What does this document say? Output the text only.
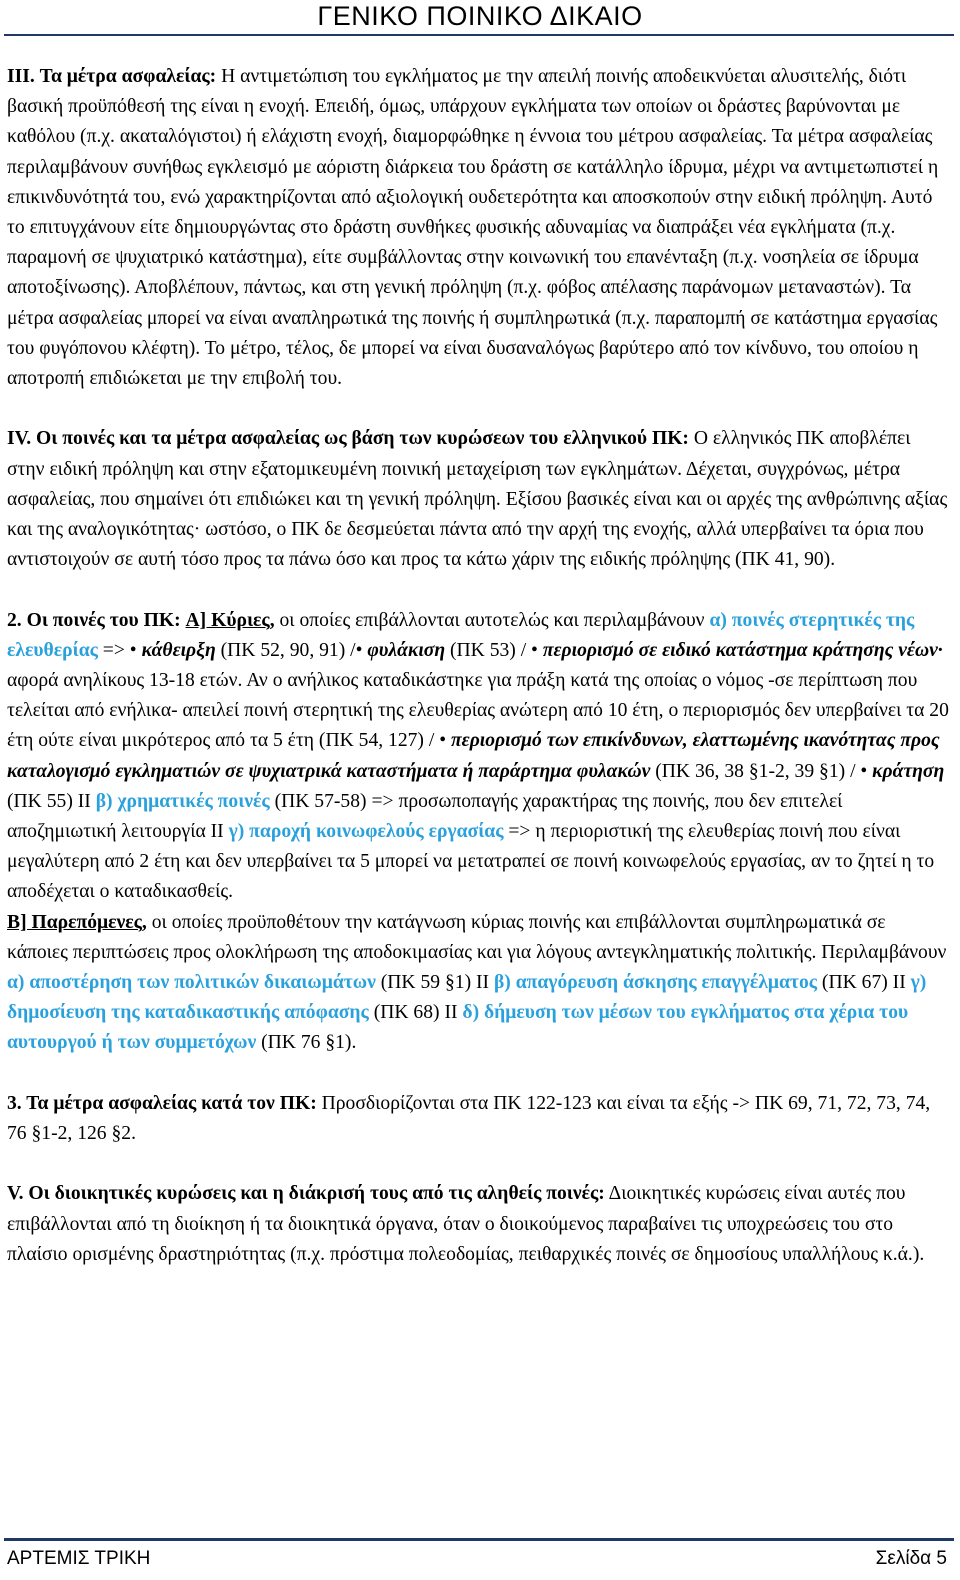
ΓΕΝΙΚΟ ΠΟΙΝΙΚΟ ΔΙΚΑΙΟ

III. Τα μέτρα ασφαλείας: Η αντιμετώπιση του εγκλήματος με την απειλή ποινής αποδεικνύεται αλυσιτελής, διότι βασική προϋπόθεσή της είναι η ενοχή. Επειδή, όμως, υπάρχουν εγκλήματα των οποίων οι δράστες βαρύνονται με καθόλου (π.χ. ακαταλόγιστοι) ή ελάχιστη ενοχή, διαμορφώθηκε η έννοια του μέτρου ασφαλείας. Τα μέτρα ασφαλείας περιλαμβάνουν συνήθως εγκλεισμό με αόριστη διάρκεια του δράστη σε κατάλληλο ίδρυμα, μέχρι να αντιμετωπιστεί η επικινδυνότητά του, ενώ χαρακτηρίζονται από αξιολογική ουδετερότητα και αποσκοπούν στην ειδική πρόληψη. Αυτό το επιτυγχάνουν είτε δημιουργώντας στο δράστη συνθήκες φυσικής αδυναμίας να διαπράξει νέα εγκλήματα (π.χ. παραμονή σε ψυχιατρικό κατάστημα), είτε συμβάλλοντας στην κοινωνική του επανένταξη (π.χ. νοσηλεία σε ίδρυμα αποτοξίνωσης). Αποβλέπουν, πάντως, και στη γενική πρόληψη (π.χ. φόβος απέλασης παράνομων μεταναστών). Τα μέτρα ασφαλείας μπορεί να είναι αναπληρωτικά της ποινής ή συμπληρωτικά (π.χ. παραπομπή σε κατάστημα εργασίας του φυγόπονου κλέφτη). Το μέτρο, τέλος, δε μπορεί να είναι δυσαναλόγως βαρύτερο από τον κίνδυνο, του οποίου η αποτροπή επιδιώκεται με την επιβολή του.

IV. Οι ποινές και τα μέτρα ασφαλείας ως βάση των κυρώσεων του ελληνικού ΠΚ: Ο ελληνικός ΠΚ αποβλέπει στην ειδική πρόληψη και στην εξατομικευμένη ποινική μεταχείριση των εγκλημάτων. Δέχεται, συγχρόνως, μέτρα ασφαλείας, που σημαίνει ότι επιδιώκει και τη γενική πρόληψη. Εξίσου βασικές είναι και οι αρχές της ανθρώπινης αξίας και της αναλογικότητας· ωστόσο, ο ΠΚ δε δεσμεύεται πάντα από την αρχή της ενοχής, αλλά υπερβαίνει τα όρια που αντιστοιχούν σε αυτή τόσο προς τα πάνω όσο και προς τα κάτω χάριν της ειδικής πρόληψης (ΠΚ 41, 90).

2. Οι ποινές του ΠΚ: Α] Κύριες, οι οποίες επιβάλλονται αυτοτελώς και περιλαμβάνουν α) ποινές στερητικές της ελευθερίας => • κάθειρξη (ΠΚ 52, 90, 91) /• φυλάκιση (ΠΚ 53) / • περιορισμό σε ειδικό κατάστημα κράτησης νέων· αφορά ανηλίκους 13-18 ετών. Αν ο ανήλικος καταδικάστηκε για πράξη κατά της οποίας ο νόμος -σε περίπτωση που τελείται από ενήλικα- απειλεί ποινή στερητική της ελευθερίας ανώτερη από 10 έτη, ο περιορισμός δεν υπερβαίνει τα 20 έτη ούτε είναι μικρότερος από τα 5 έτη (ΠΚ 54, 127) / • περιορισμό των επικίνδυνων, ελαττωμένης ικανότητας προς καταλογισμό εγκληματιών σε ψυχιατρικά καταστήματα ή παράρτημα φυλακών (ΠΚ 36, 38 §1-2, 39 §1) / • κράτηση (ΠΚ 55) ΙΙ β) χρηματικές ποινές (ΠΚ 57-58) => προσωποπαγής χαρακτήρας της ποινής, που δεν επιτελεί αποζημιωτική λειτουργία ΙΙ γ) παροχή κοινωφελούς εργασίας => η περιοριστική της ελευθερίας ποινή που είναι μεγαλύτερη από 2 έτη και δεν υπερβαίνει τα 5 μπορεί να μετατραπεί σε ποινή κοινωφελούς εργασίας, αν το ζητεί η το αποδέχεται ο καταδικασθείς.

Β] Παρεπόμενες, οι οποίες προϋποθέτουν την κατάγνωση κύριας ποινής και επιβάλλονται συμπληρωματικά σε κάποιες περιπτώσεις προς ολοκλήρωση της αποδοκιμασίας και για λόγους αντεγκληματικής πολιτικής. Περιλαμβάνουν α) αποστέρηση των πολιτικών δικαιωμάτων (ΠΚ 59 §1) ΙΙ β) απαγόρευση άσκησης επαγγέλματος (ΠΚ 67) ΙΙ γ) δημοσίευση της καταδικαστικής απόφασης (ΠΚ 68) ΙΙ δ) δήμευση των μέσων του εγκλήματος στα χέρια του αυτουργού ή των συμμετόχων (ΠΚ 76 §1).

3. Τα μέτρα ασφαλείας κατά τον ΠΚ: Προσδιορίζονται στα ΠΚ 122-123 και είναι τα εξής -> ΠΚ 69, 71, 72, 73, 74, 76 §1-2, 126 §2.

V. Οι διοικητικές κυρώσεις και η διάκρισή τους από τις αληθείς ποινές: Διοικητικές κυρώσεις είναι αυτές που επιβάλλονται από τη διοίκηση ή τα διοικητικά όργανα, όταν ο διοικούμενος παραβαίνει τις υποχρεώσεις του στο πλαίσιο ορισμένης δραστηριότητας (π.χ. πρόστιμα πολεοδομίας, πειθαρχικές ποινές σε δημοσίους υπαλλήλους κ.ά.).

ΑΡΤΕΜΙΣ ΤΡΙΚΗ	Σελίδα 5
